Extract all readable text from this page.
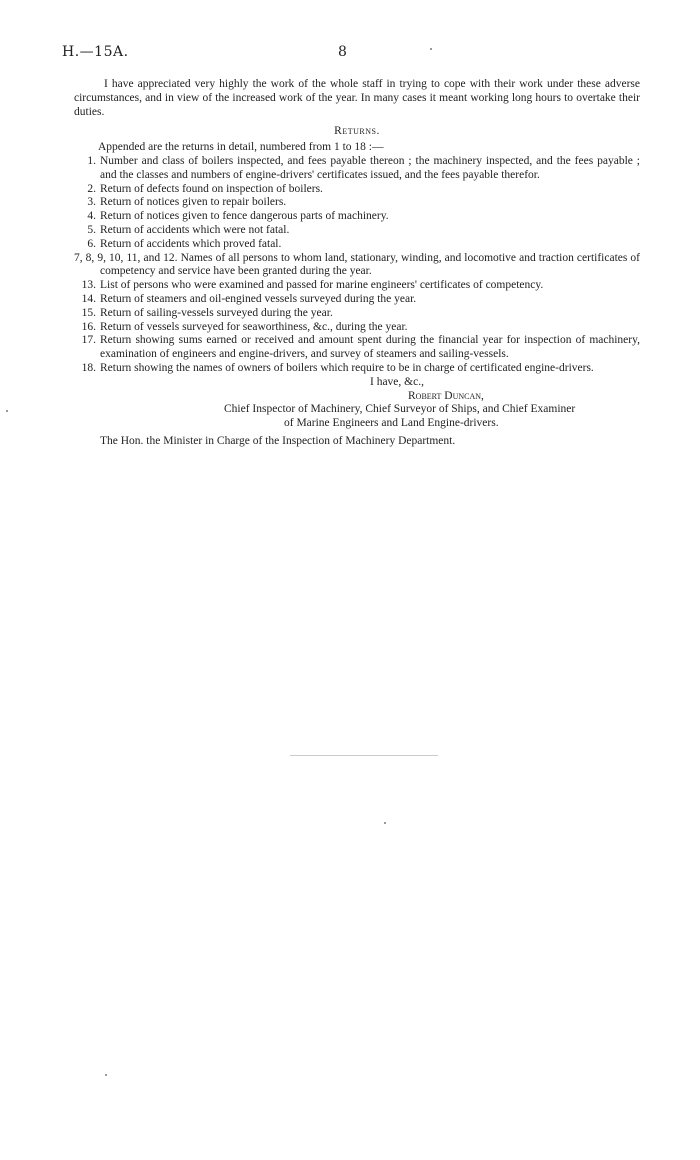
H.—15A.	8

I have appreciated very highly the work of the whole staff in trying to cope with their work under these adverse circumstances, and in view of the increased work of the year. In many cases it meant working long hours to overtake their duties.

Returns.

Appended are the returns in detail, numbered from 1 to 18 :—

1. Number and class of boilers inspected, and fees payable thereon ; the machinery inspected, and the fees payable ; and the classes and numbers of engine-drivers' certificates issued, and the fees payable therefor.
2. Return of defects found on inspection of boilers.
3. Return of notices given to repair boilers.
4. Return of notices given to fence dangerous parts of machinery.
5. Return of accidents which were not fatal.
6. Return of accidents which proved fatal.
7, 8, 9, 10, 11, and 12. Names of all persons to whom land, stationary, winding, and locomotive and traction certificates of competency and service have been granted during the year.
13. List of persons who were examined and passed for marine engineers' certificates of competency.
14. Return of steamers and oil-engined vessels surveyed during the year.
15. Return of sailing-vessels surveyed during the year.
16. Return of vessels surveyed for seaworthiness, &c., during the year.
17. Return showing sums earned or received and amount spent during the financial year for inspection of machinery, examination of engineers and engine-drivers, and survey of steamers and sailing-vessels.
18. Return showing the names of owners of boilers which require to be in charge of certificated engine-drivers.

I have, &c.,

Robert Duncan,

Chief Inspector of Machinery, Chief Surveyor of Ships, and Chief Examiner

of Marine Engineers and Land Engine-drivers.

The Hon. the Minister in Charge of the Inspection of Machinery Department.
